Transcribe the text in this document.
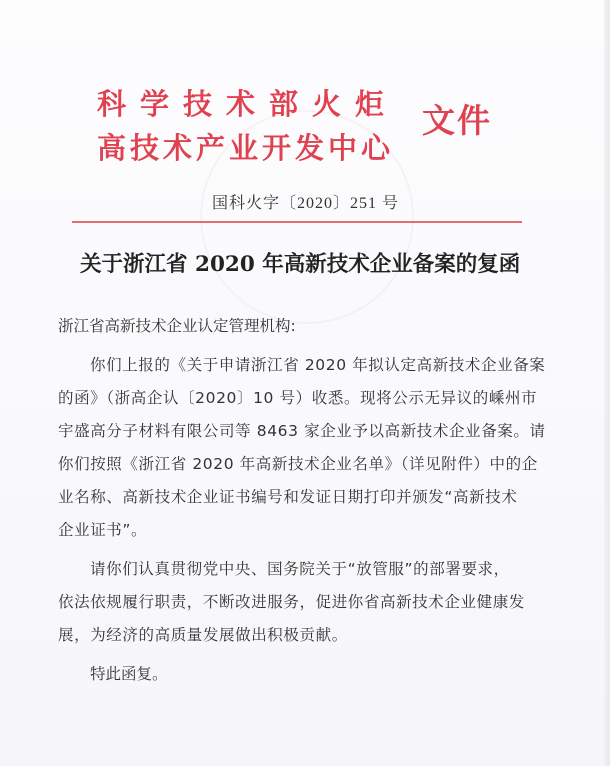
科学技术部火炬
高技术产业开发中心
文件
国科火字〔2020〕251 号
关于浙江省 2020 年高新技术企业备案的复函

浙江省高新技术企业认定管理机构:

你们上报的《关于申请浙江省 2020 年拟认定高新技术企业备案
的函》（浙高企认〔2020〕10 号）收悉。现将公示无异议的嵊州市
宇盛高分子材料有限公司等 8463 家企业予以高新技术企业备案。请
你们按照《浙江省 2020 年高新技术企业名单》（详见附件）中的企
业名称、高新技术企业证书编号和发证日期打印并颁发“高新技术
企业证书”。

请你们认真贯彻党中央、国务院关于“放管服”的部署要求，
依法依规履行职责，不断改进服务，促进你省高新技术企业健康发
展，为经济的高质量发展做出积极贡献。

特此函复。
